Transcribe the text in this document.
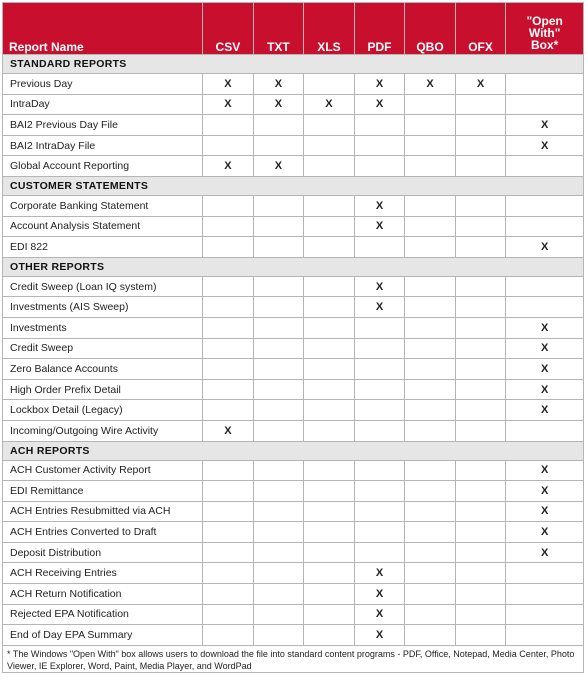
Report Name	CSV	TXT	XLS	PDF	QBO	OFX	"Open
With"
Box*

STANDARD REPORTS							
Previous Day	X	X		X	X	X	
IntraDay	X	X	X	X			
BAI2 Previous Day File							X
BAI2 IntraDay File							X
Global Account Reporting	X	X					
CUSTOMER STATEMENTS							
Corporate Banking Statement				X			
Account Analysis Statement				X			
EDI 822							X
OTHER REPORTS							
Credit Sweep (Loan IQ system)				X			
Investments (AIS Sweep)				X			
Investments							X
Credit Sweep							X
Zero Balance Accounts							X
High Order Prefix Detail							X
Lockbox Detail (Legacy)							X
Incoming/Outgoing Wire Activity	X						
ACH REPORTS							
ACH Customer Activity Report							X
EDI Remittance							X
ACH Entries Resubmitted via ACH							X
ACH Entries Converted to Draft							X
Deposit Distribution							X
ACH Receiving Entries				X			
ACH Return Notification				X			
Rejected EPA Notification				X			
End of Day EPA Summary				X			
* The Windows "Open With" box allows users to download the file into standard content programs - PDF, Office, Notepad, Media Center, Photo Viewer, IE Explorer, Word, Paint, Media Player, and WordPad
